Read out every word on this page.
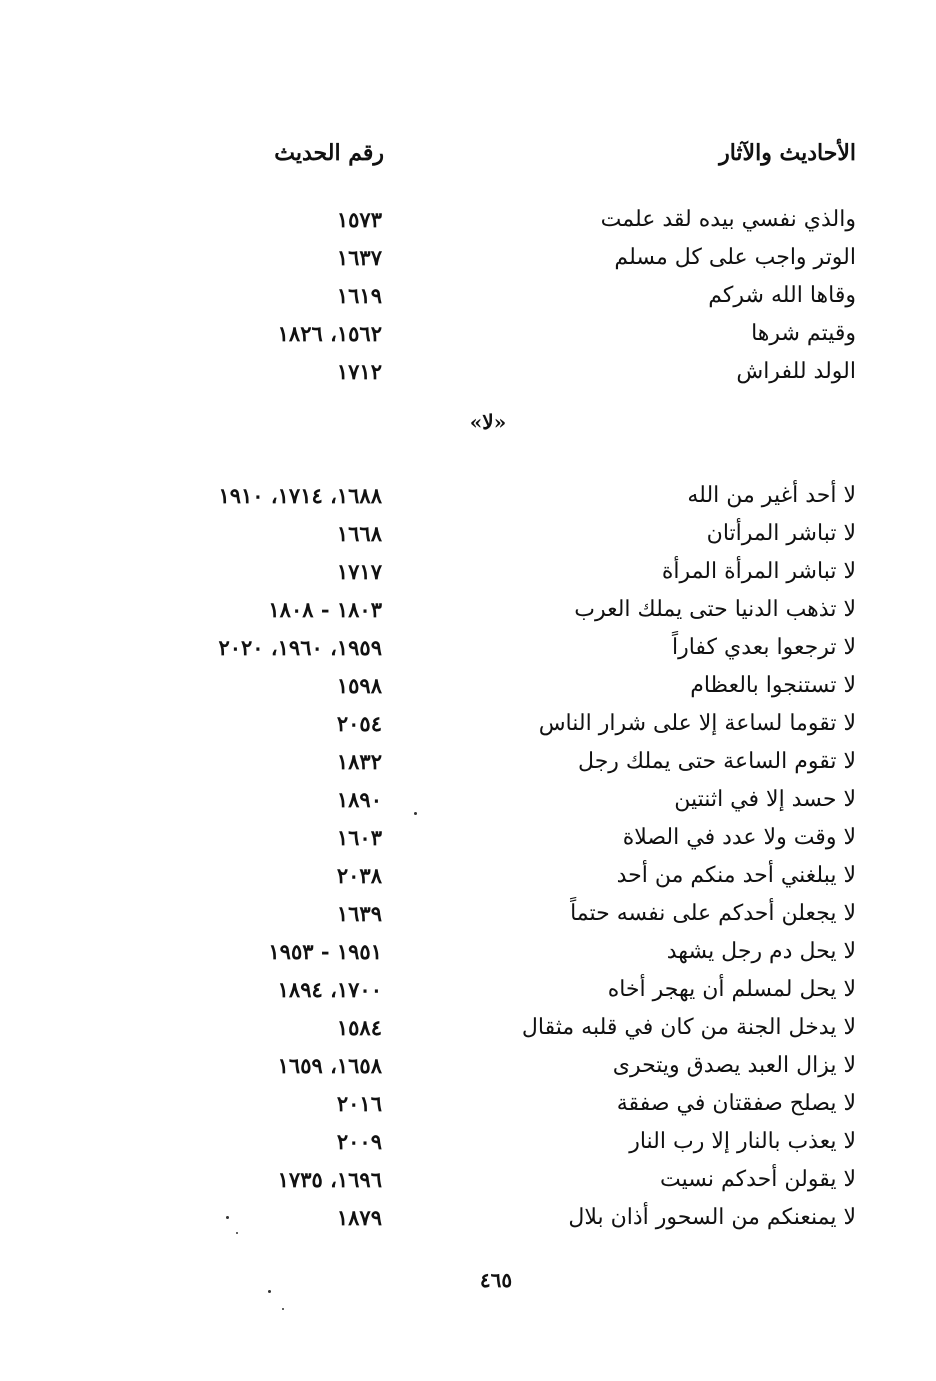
الأحاديث والآثار
رقم الحديث
والذي نفسي بيده لقد علمت
١٥٧٣
الوتر واجب على كل مسلم
١٦٣٧
وقاها الله شركم
١٦١٩
وقيتم شرها
١٥٦٢، ١٨٢٦
الولد للفراش
١٧١٢
«لا»
لا أحد أغير من الله
١٦٨٨، ١٧١٤، ١٩١٠
لا تباشر المرأتان
١٦٦٨
لا تباشر المرأة المرأة
١٧١٧
لا تذهب الدنيا حتى يملك العرب
١٨٠٣ - ١٨٠٨
لا ترجعوا بعدي كفاراً
١٩٥٩، ١٩٦٠، ٢٠٢٠
لا تستنجوا بالعظام
١٥٩٨
لا تقوما لساعة إلا على شرار الناس
٢٠٥٤
لا تقوم الساعة حتى يملك رجل
١٨٣٢
لا حسد إلا في اثنتين
١٨٩٠
لا وقت ولا عدد في الصلاة
١٦٠٣
لا يبلغني أحد منكم من أحد
٢٠٣٨
لا يجعلن أحدكم على نفسه حتماً
١٦٣٩
لا يحل دم رجل يشهد
١٩٥١ - ١٩٥٣
لا يحل لمسلم أن يهجر أخاه
١٧٠٠، ١٨٩٤
لا يدخل الجنة من كان في قلبه مثقال
١٥٨٤
لا يزال العبد يصدق ويتحرى
١٦٥٨، ١٦٥٩
لا يصلح صفقتان في صفقة
٢٠١٦
لا يعذب بالنار إلا رب النار
٢٠٠٩
لا يقولن أحدكم نسيت
١٦٩٦، ١٧٣٥
لا يمنعنكم من السحور أذان بلال
١٨٧٩
٤٦٥
